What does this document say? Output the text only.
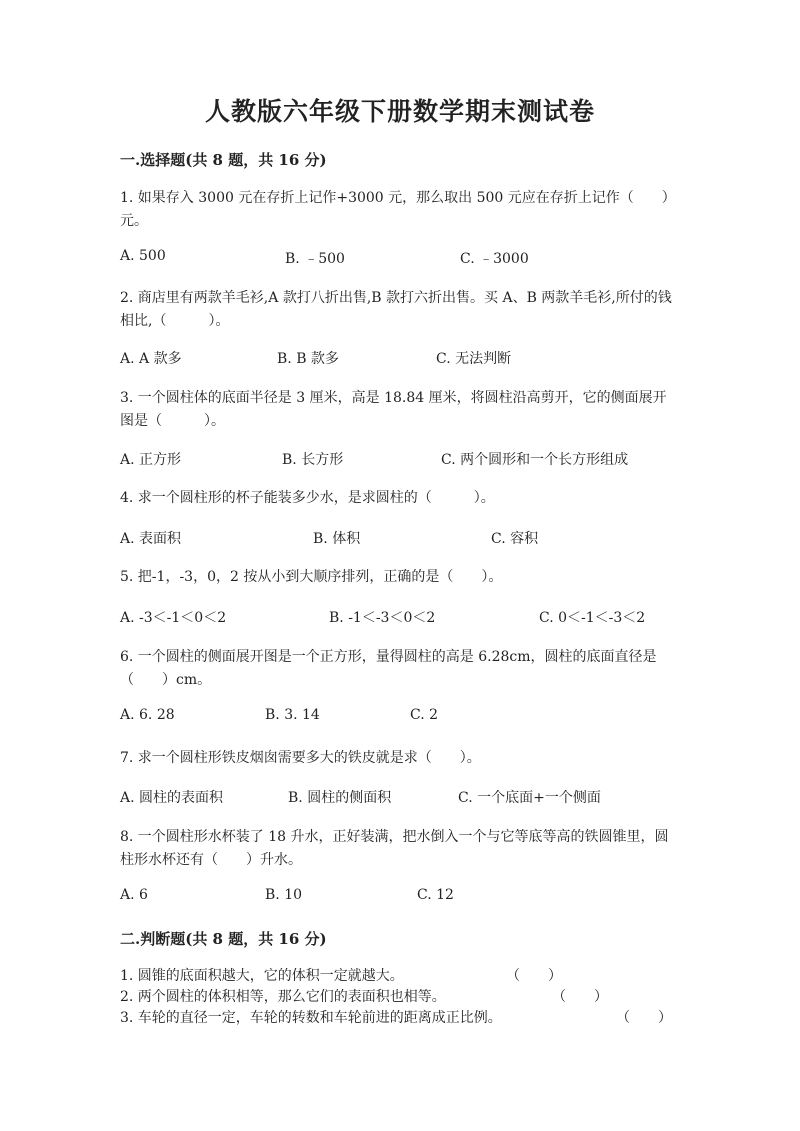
人教版六年级下册数学期末测试卷
一.选择题(共 8 题，共 16 分)

1. 如果存入 3000 元在存折上记作+3000 元，那么取出 500 元应在存折上记作（　　）元。

A. 500	B. ﹣500	C. ﹣3000

2. 商店里有两款羊毛衫,A 款打八折出售,B 款打六折出售。买 A、B 两款羊毛衫,所付的钱相比,（　　　）。

A. A 款多	B. B 款多	C. 无法判断

3. 一个圆柱体的底面半径是 3 厘米，高是 18.84 厘米，将圆柱沿高剪开，它的侧面展开图是（　　　）。

A. 正方形	B. 长方形	C. 两个圆形和一个长方形组成

4. 求一个圆柱形的杯子能装多少水，是求圆柱的（　　　）。

A. 表面积	B. 体积	C. 容积

5. 把-1，-3，0，2 按从小到大顺序排列，正确的是（　　）。

A. -3＜-1＜0＜2	B. -1＜-3＜0＜2	C. 0＜-1＜-3＜2

6. 一个圆柱的侧面展开图是一个正方形，量得圆柱的高是 6.28cm，圆柱的底面直径是（　　）cm。

A. 6. 28	B. 3. 14	C. 2

7. 求一个圆柱形铁皮烟囱需要多大的铁皮就是求（　　）。

A. 圆柱的表面积	B. 圆柱的侧面积	C. 一个底面+一个侧面

8. 一个圆柱形水杯装了 18 升水，正好装满，把水倒入一个与它等底等高的铁圆锥里，圆柱形水杯还有（　　）升水。

A. 6	B. 10	C. 12
二.判断题(共 8 题，共 16 分)
1. 圆锥的底面积越大，它的体积一定就越大。	（　　）
2. 两个圆柱的体积相等，那么它们的表面积也相等。	（　　）
3. 车轮的直径一定，车轮的转数和车轮前进的距离成正比例。	（　　）
